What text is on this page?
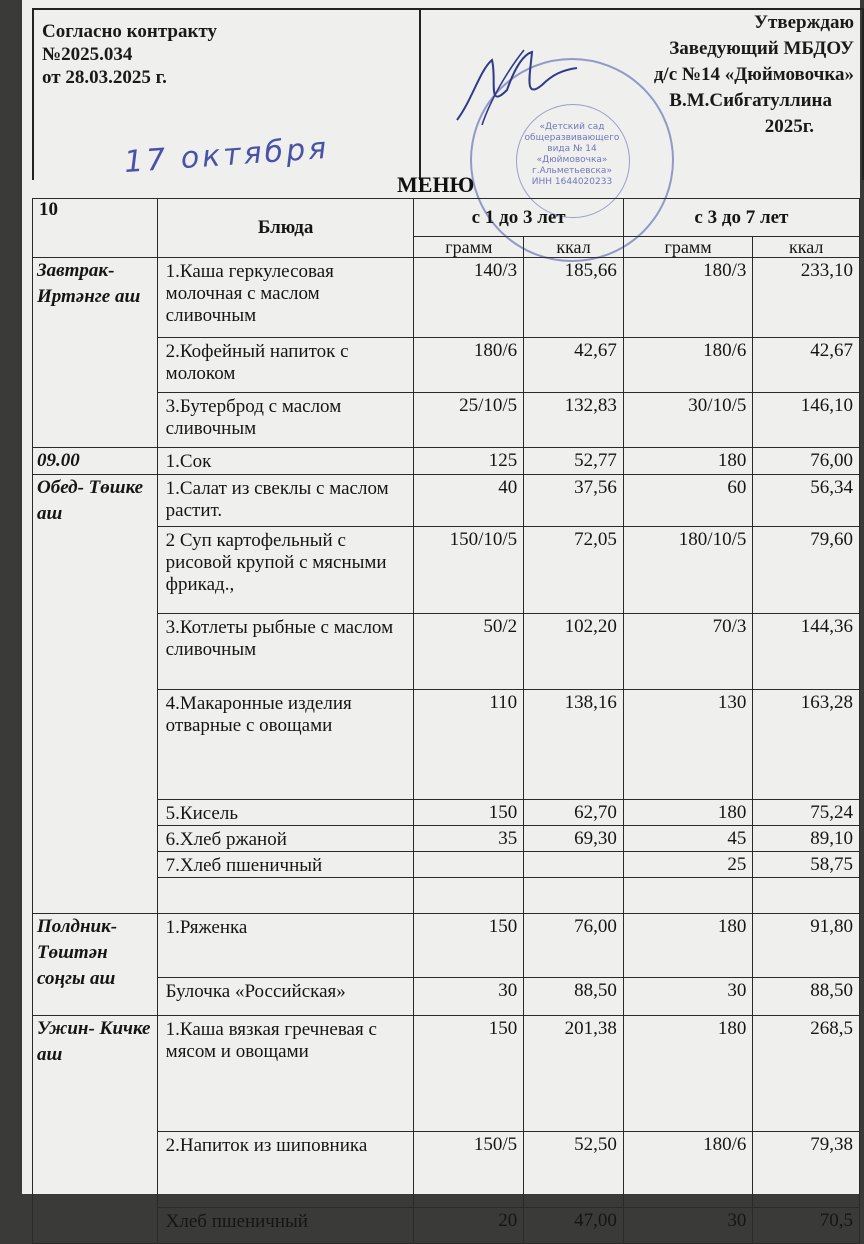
Согласно контракту
№2025.034
от 28.03.2025 г.
Утверждаю
Заведующий МБДОУ
д/с №14 «Дюймовочка»
В.М.Сибгатуллина
2025г.
17 октября
«Детский сад
общеразвивающего
вида № 14
«Дюймовочка»
г.Альметьевска»
ИНН 1644020233
МЕНЮ
10	Блюда	с 1 до 3 лет		с 3 до 7 лет	
		грамм	ккал	грамм	ккал
Завтрак- Иртәнге аш	1.Каша геркулесовая молочная с маслом сливочным	140/3	185,66	180/3	233,10
	2.Кофейный напиток с молоком	180/6	42,67	180/6	42,67
	3.Бутерброд с маслом сливочным	25/10/5	132,83	30/10/5	146,10
09.00	1.Сок	125	52,77	180	76,00
Обед- Төшке аш	1.Салат из свеклы с маслом растит.	40	37,56	60	56,34
	2 Суп картофельный с рисовой крупой с мясными фрикад.,	150/10/5	72,05	180/10/5	79,60
	3.Котлеты рыбные с маслом сливочным	50/2	102,20	70/3	144,36
	4.Макаронные изделия отварные с овощами	110	138,16	130	163,28
	5.Кисель	150	62,70	180	75,24
	6.Хлеб ржаной	35	69,30	45	89,10
	7.Хлеб пшеничный			25	58,75

Полдник- Төштән соңгы аш	1.Ряженка	150	76,00	180	91,80
	Булочка «Российская»	30	88,50	30	88,50
Ужин- Кичке аш	1.Каша вязкая гречневая с мясом и овощами	150	201,38	180	268,5
	2.Напиток из шиповника	150/5	52,50	180/6	79,38
	Хлеб пшеничный	20	47,00	30	70,5
